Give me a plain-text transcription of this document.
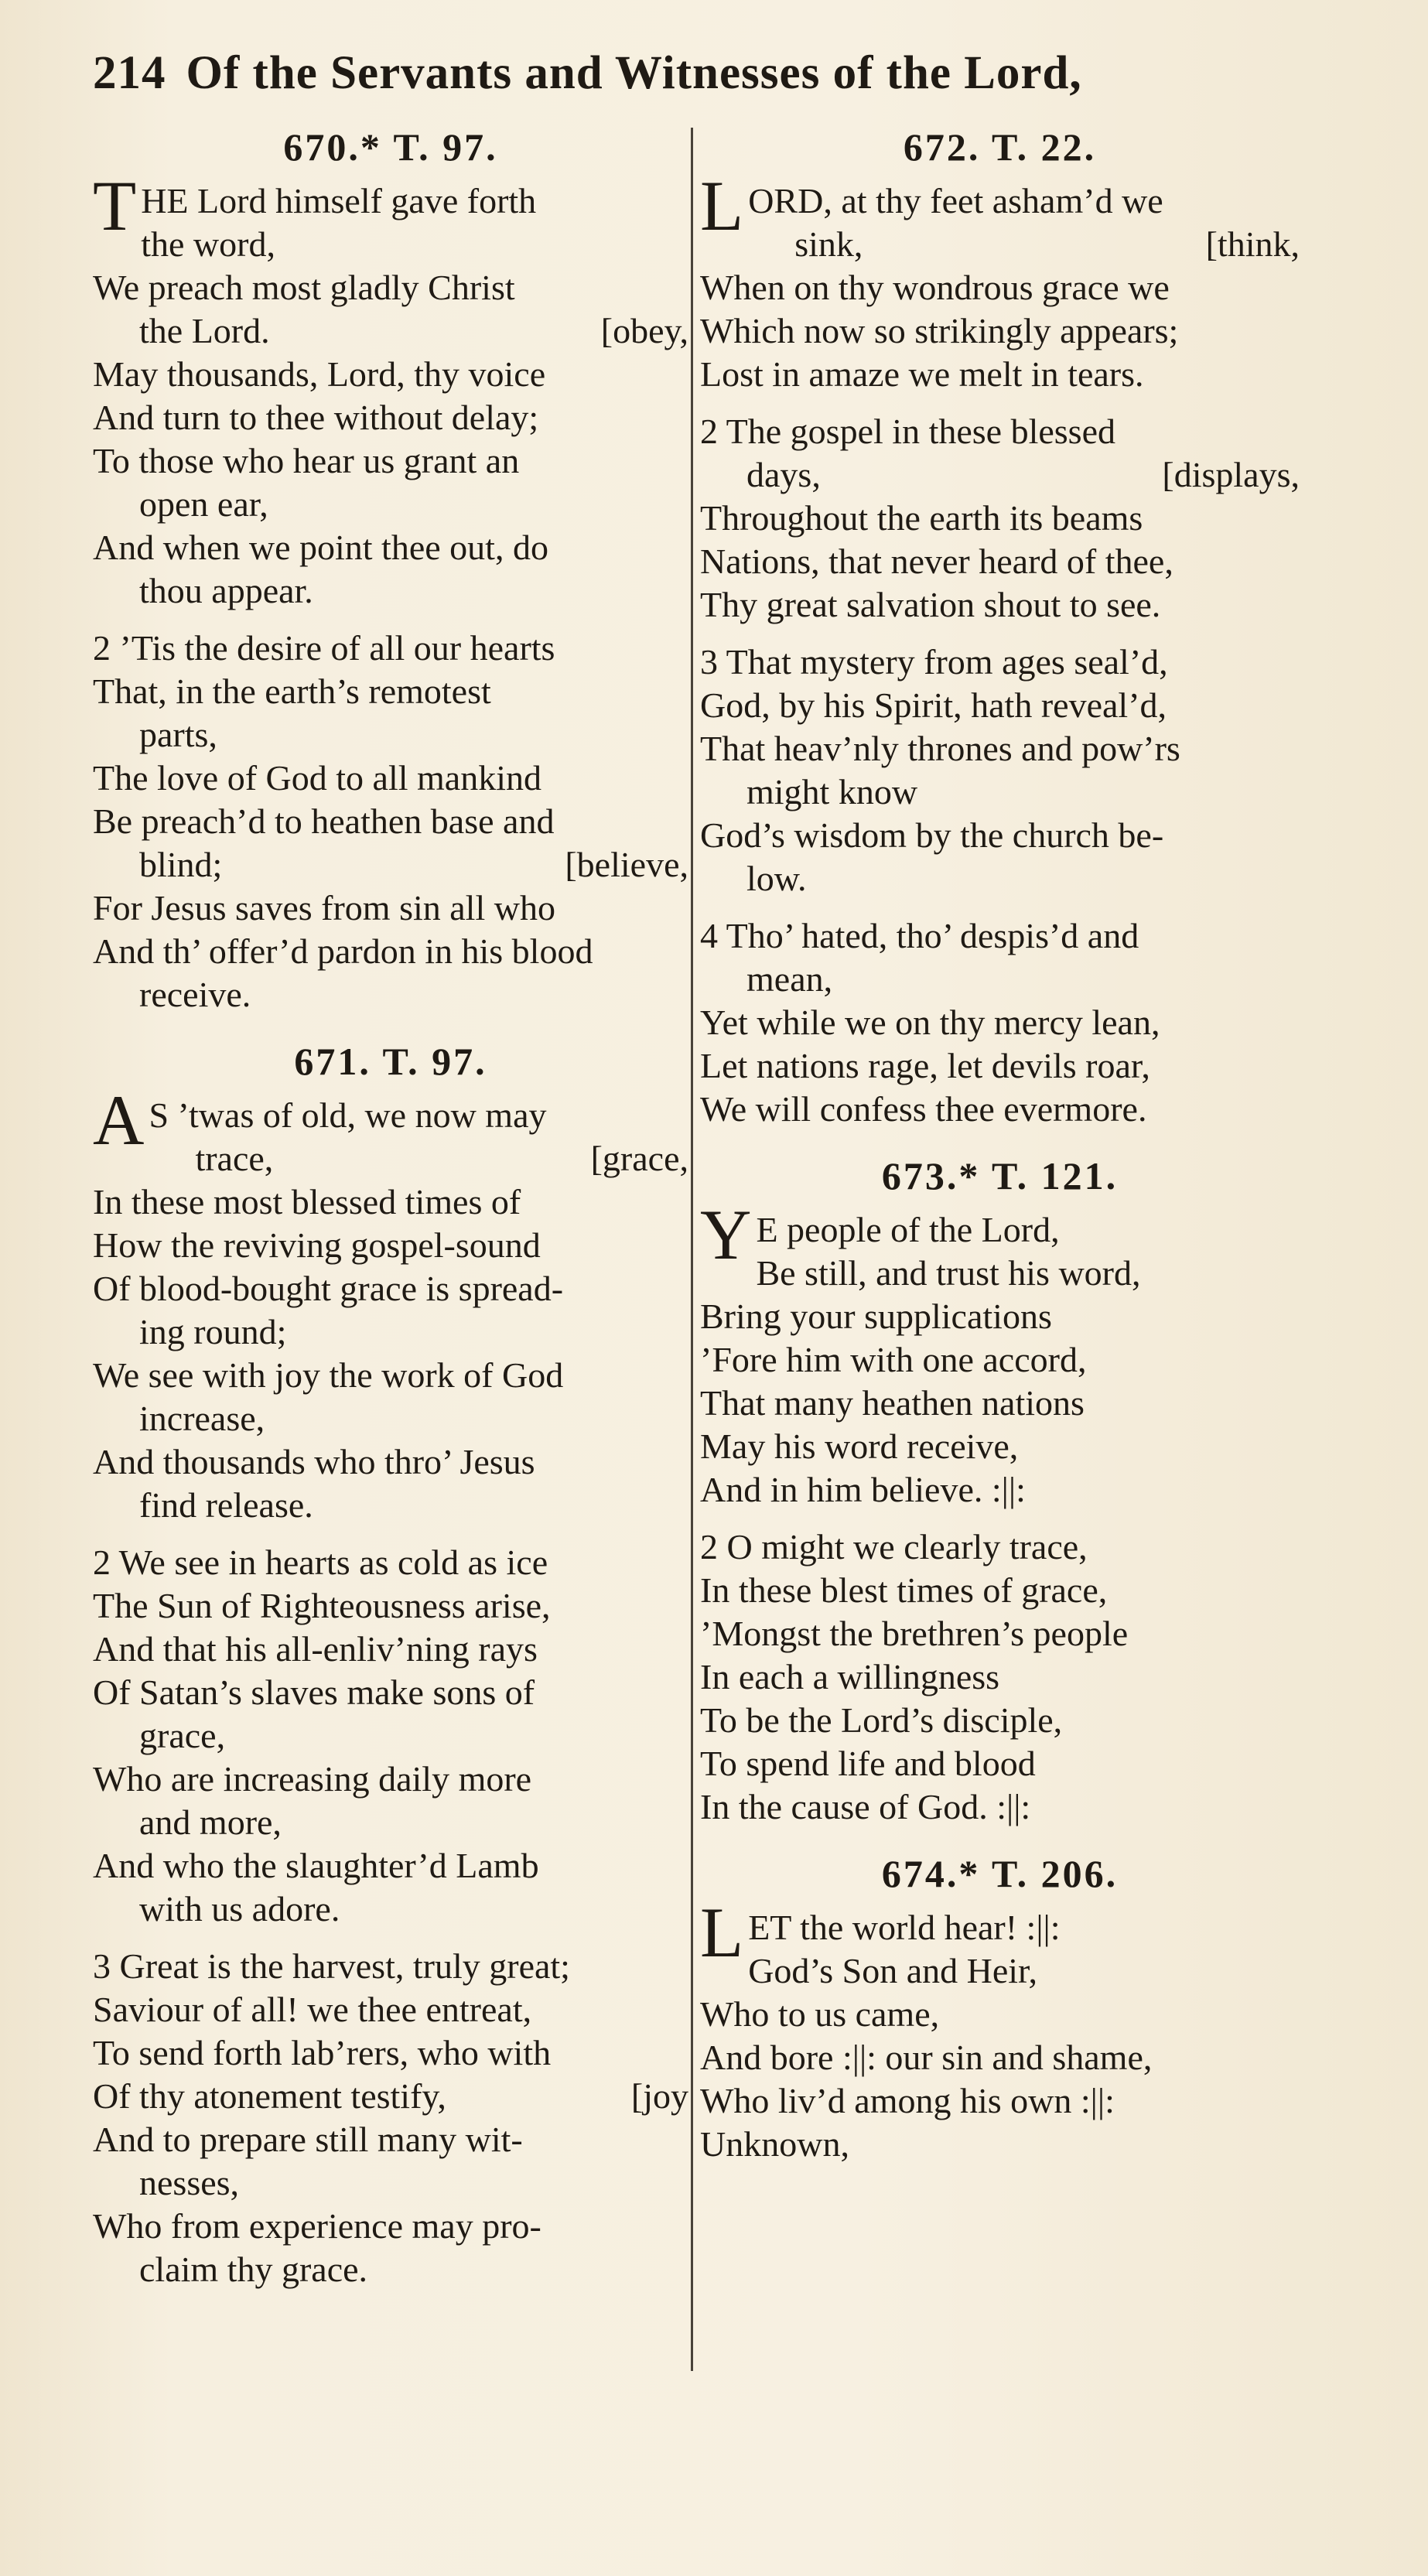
214 Of the Servants and Witnesses of the Lord,
670.* T. 97.
THE Lord himself gave forth
the word,
We preach most gladly Christ
the Lord.	[obey,
May thousands, Lord, thy voice
And turn to thee without delay;
To those who hear us grant an
open ear,
And when we point thee out, do
thou appear.
2 ’Tis the desire of all our hearts
That, in the earth’s remotest
parts,
The love of God to all mankind
Be preach’d to heathen base and
blind;	[believe,
For Jesus saves from sin all who
And th’ offer’d pardon in his blood
receive.
671. T. 97.
A S ’twas of old, we now may
trace,	[grace,
In these most blessed times of
How the reviving gospel-sound
Of blood-bought grace is spread-
ing round;
We see with joy the work of God
increase,
And thousands who thro’ Jesus
find release.
2 We see in hearts as cold as ice
The Sun of Righteousness arise,
And that his all-enliv’ning rays
Of Satan’s slaves make sons of
grace,
Who are increasing daily more
and more,
And who the slaughter’d Lamb
with us adore.
3 Great is the harvest, truly great;
Saviour of all! we thee entreat,
To send forth lab’rers, who with
Of thy atonement testify,	[joy
And to prepare still many wit-
nesses,
Who from experience may pro-
claim thy grace.
672. T. 22.
LORD, at thy feet asham’d we
sink,	[think,
When on thy wondrous grace we
Which now so strikingly appears;
Lost in amaze we melt in tears.
2 The gospel in these blessed
days,	[displays,
Throughout the earth its beams
Nations, that never heard of thee,
Thy great salvation shout to see.
3 That mystery from ages seal’d,
God, by his Spirit, hath reveal’d,
That heav’nly thrones and pow’rs
might know
God’s wisdom by the church be-
low.
4 Tho’ hated, tho’ despis’d and
mean,
Yet while we on thy mercy lean,
Let nations rage, let devils roar,
We will confess thee evermore.
673.* T. 121.
Y E people of the Lord,
Be still, and trust his word,
Bring your supplications
’Fore him with one accord,
That many heathen nations
May his word receive,
And in him believe. :||:
2 O might we clearly trace,
In these blest times of grace,
’Mongst the brethren’s people
In each a willingness
To be the Lord’s disciple,
To spend life and blood
In the cause of God. :||:
674.* T. 206.
LET the world hear! :||:
God’s Son and Heir,
Who to us came,
And bore :||: our sin and shame,
Who liv’d among his own :||:
Unknown,
